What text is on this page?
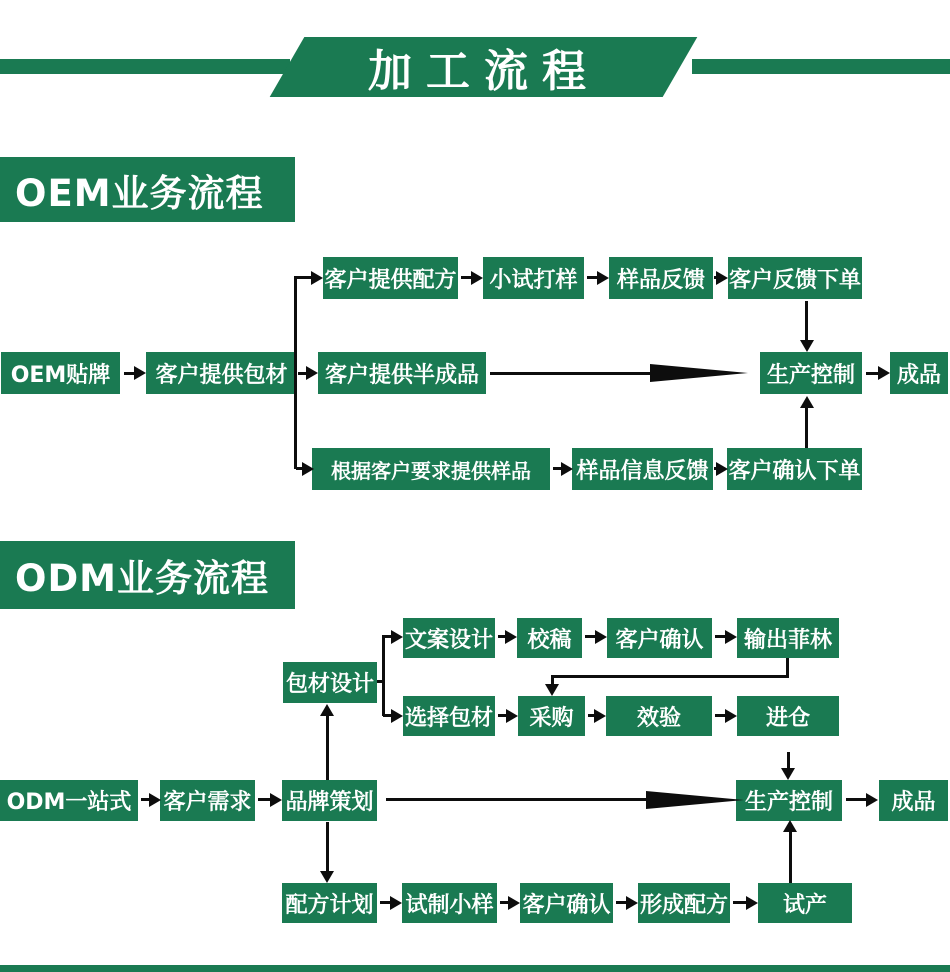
加工流程
OEM业务流程
客户提供配方 小试打样	样品反馈	客户反馈下单
OEM贴牌	客户提供包材	客户提供半成品	生产控制	成品
根据客户要求提供样品	样品信息反馈 客户确认下单
ODM业务流程
包材设计
文案设计	校稿	客户确认	输出菲林
选择包材	采购	效验	进仓
ODM一站式 客户需求 品牌策划	生产控制	成品
配方计划 试制小样 客户确认 形成配方	试产
